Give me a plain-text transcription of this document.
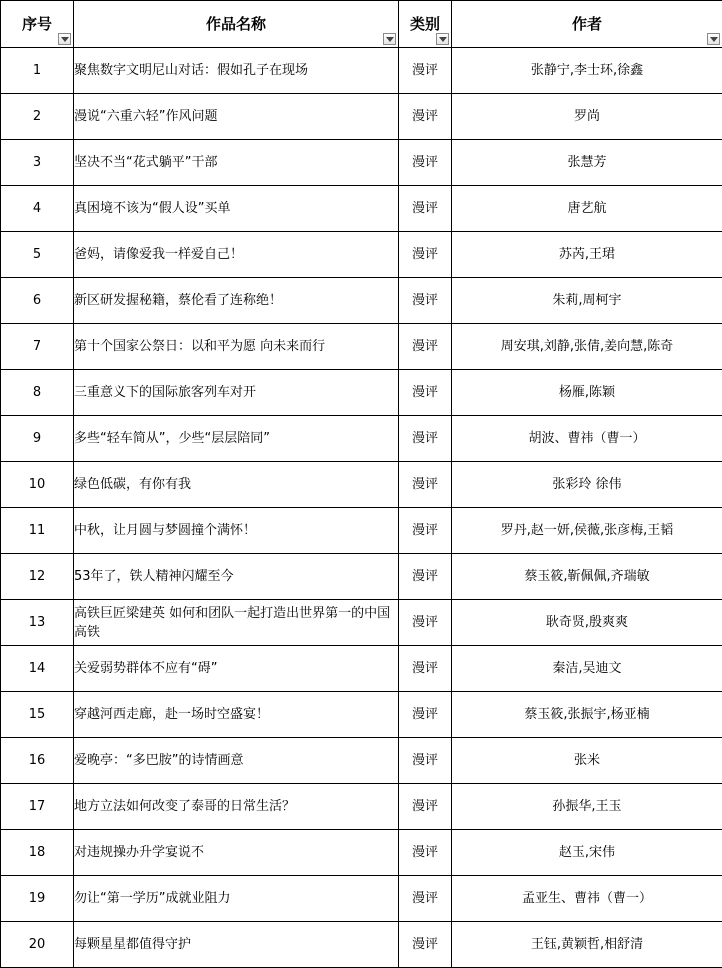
序号	作品名称	类别	作者

1	聚焦数字文明尼山对话：假如孔子在现场	漫评	张静宁,李士环,徐鑫
2	漫说“六重六轻”作风问题	漫评	罗尚
3	坚决不当“花式躺平”干部	漫评	张慧芳
4	真困境不该为“假人设”买单	漫评	唐艺航
5	爸妈，请像爱我一样爱自己！	漫评	苏芮,王珺
6	新区研发握秘籍，蔡伦看了连称绝！	漫评	朱莉,周柯宇
7	第十个国家公祭日：以和平为愿 向未来而行	漫评	周安琪,刘静,张倩,姜向慧,陈奇
8	三重意义下的国际旅客列车对开	漫评	杨雁,陈颖
9	多些“轻车简从”，少些“层层陪同”	漫评	胡波、曹祎（曹一）
10	绿色低碳，有你有我	漫评	张彩玲 徐伟
11	中秋，让月圆与梦圆撞个满怀！	漫评	罗丹,赵一妍,侯薇,张彦梅,王韬
12	53年了，铁人精神闪耀至今	漫评	蔡玉筱,靳佩佩,齐瑞敏
13	高铁巨匠梁建英 如何和团队一起打造出世界第一的中国高铁	漫评	耿奇贤,殷爽爽
14	关爱弱势群体不应有“碍”	漫评	秦洁,吴迪文
15	穿越河西走廊，赴一场时空盛宴！	漫评	蔡玉筱,张振宇,杨亚楠
16	爱晚亭：“多巴胺”的诗情画意	漫评	张米
17	地方立法如何改变了泰哥的日常生活？	漫评	孙振华,王玉
18	对违规操办升学宴说不	漫评	赵玉,宋伟
19	勿让“第一学历”成就业阻力	漫评	孟亚生、曹祎（曹一）
20	每颗星星都值得守护	漫评	王钰,黄颖哲,相舒清
